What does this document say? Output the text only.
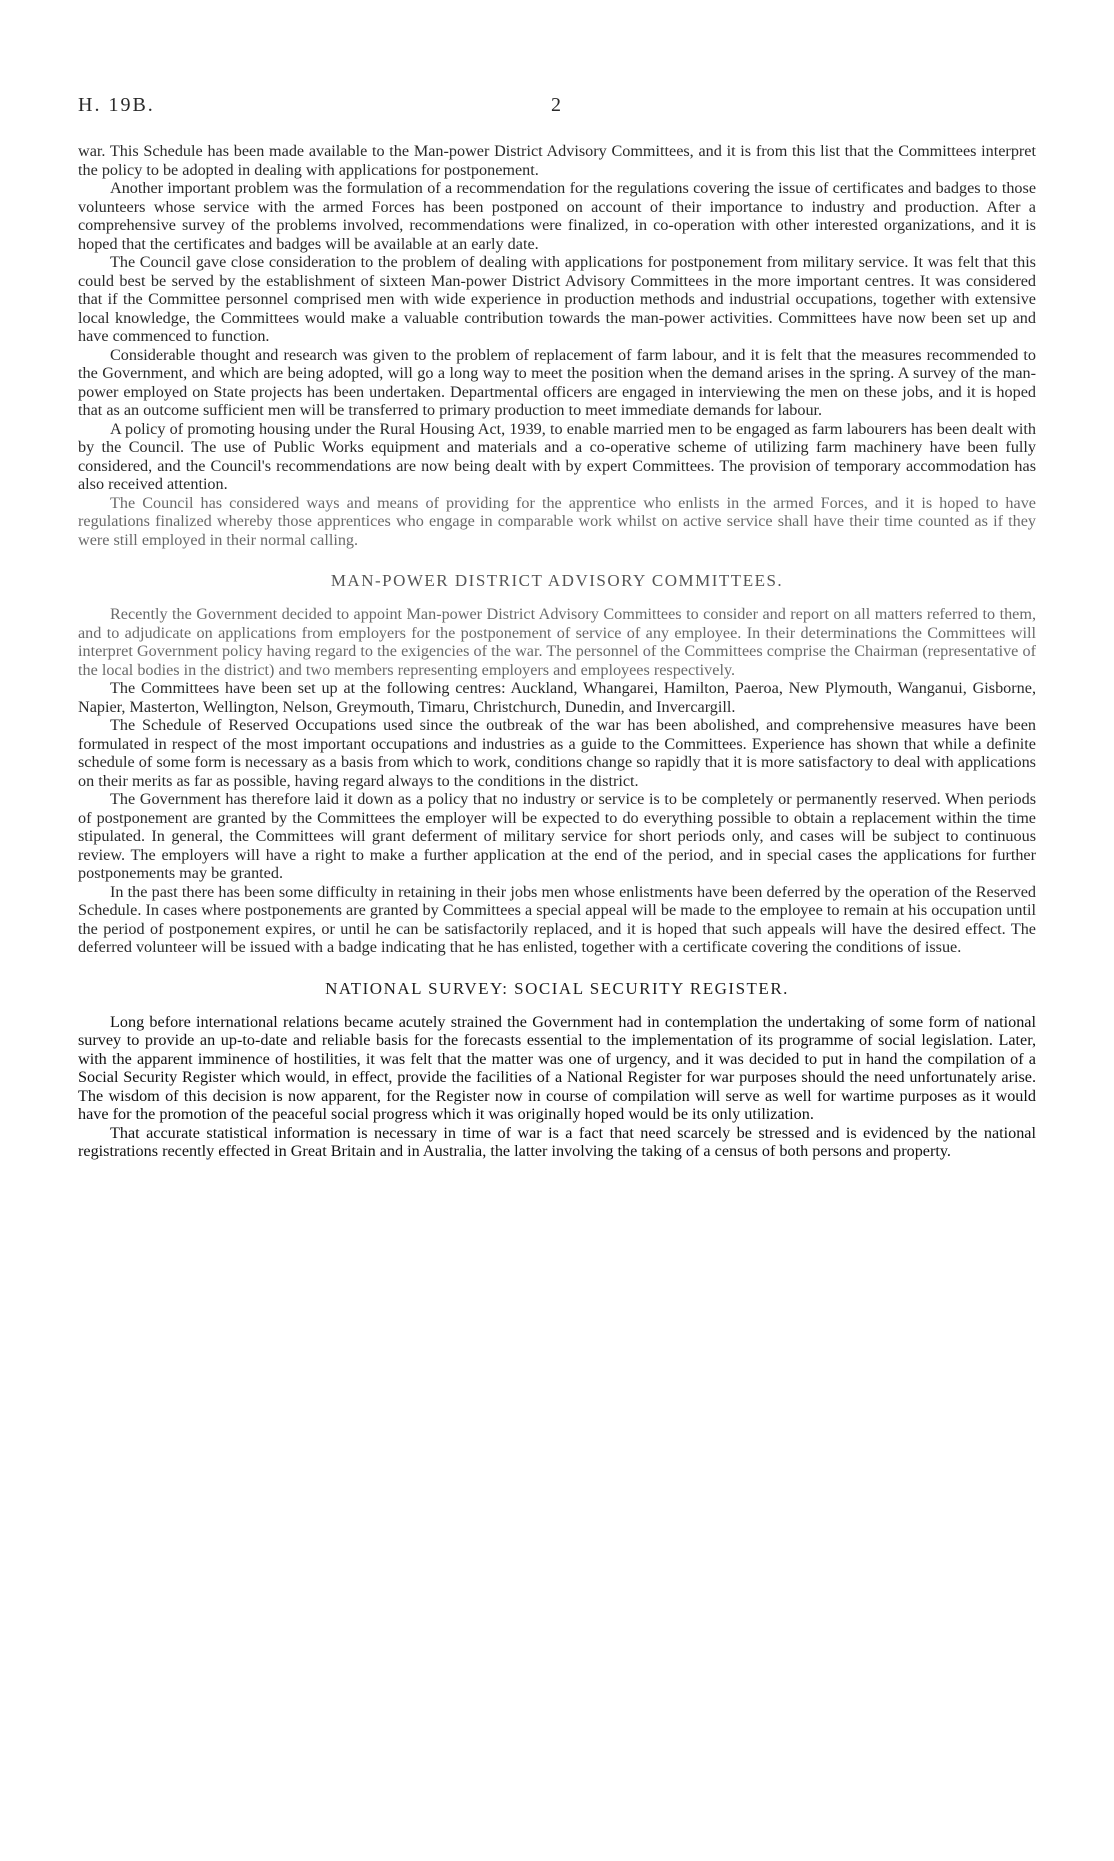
H. 19B.	2

war. This Schedule has been made available to the Man-power District Advisory Committees, and it is from this list that the Committees interpret the policy to be adopted in dealing with applications for postponement.

Another important problem was the formulation of a recommendation for the regulations covering the issue of certificates and badges to those volunteers whose service with the armed Forces has been postponed on account of their importance to industry and production. After a comprehensive survey of the problems involved, recommendations were finalized, in co-operation with other interested organizations, and it is hoped that the certificates and badges will be available at an early date.

The Council gave close consideration to the problem of dealing with applications for postponement from military service. It was felt that this could best be served by the establishment of sixteen Man-power District Advisory Committees in the more important centres. It was considered that if the Committee personnel comprised men with wide experience in production methods and industrial occupations, together with extensive local knowledge, the Committees would make a valuable contribution towards the man-power activities. Committees have now been set up and have commenced to function.

Considerable thought and research was given to the problem of replacement of farm labour, and it is felt that the measures recommended to the Government, and which are being adopted, will go a long way to meet the position when the demand arises in the spring. A survey of the man-power employed on State projects has been undertaken. Departmental officers are engaged in interviewing the men on these jobs, and it is hoped that as an outcome sufficient men will be transferred to primary production to meet immediate demands for labour.

A policy of promoting housing under the Rural Housing Act, 1939, to enable married men to be engaged as farm labourers has been dealt with by the Council. The use of Public Works equipment and materials and a co-operative scheme of utilizing farm machinery have been fully considered, and the Council's recommendations are now being dealt with by expert Committees. The provision of temporary accommodation has also received attention.

The Council has considered ways and means of providing for the apprentice who enlists in the armed Forces, and it is hoped to have regulations finalized whereby those apprentices who engage in comparable work whilst on active service shall have their time counted as if they were still employed in their normal calling.

MAN-POWER DISTRICT ADVISORY COMMITTEES.

Recently the Government decided to appoint Man-power District Advisory Committees to consider and report on all matters referred to them, and to adjudicate on applications from employers for the postponement of service of any employee. In their determinations the Committees will interpret Government policy having regard to the exigencies of the war. The personnel of the Committees comprise the Chairman (representative of the local bodies in the district) and two members representing employers and employees respectively.

The Committees have been set up at the following centres: Auckland, Whangarei, Hamilton, Paeroa, New Plymouth, Wanganui, Gisborne, Napier, Masterton, Wellington, Nelson, Greymouth, Timaru, Christchurch, Dunedin, and Invercargill.

The Schedule of Reserved Occupations used since the outbreak of the war has been abolished, and comprehensive measures have been formulated in respect of the most important occupations and industries as a guide to the Committees. Experience has shown that while a definite schedule of some form is necessary as a basis from which to work, conditions change so rapidly that it is more satisfactory to deal with applications on their merits as far as possible, having regard always to the conditions in the district.

The Government has therefore laid it down as a policy that no industry or service is to be completely or permanently reserved. When periods of postponement are granted by the Committees the employer will be expected to do everything possible to obtain a replacement within the time stipulated. In general, the Committees will grant deferment of military service for short periods only, and cases will be subject to continuous review. The employers will have a right to make a further application at the end of the period, and in special cases the applications for further postponements may be granted.

In the past there has been some difficulty in retaining in their jobs men whose enlistments have been deferred by the operation of the Reserved Schedule. In cases where postponements are granted by Committees a special appeal will be made to the employee to remain at his occupation until the period of postponement expires, or until he can be satisfactorily replaced, and it is hoped that such appeals will have the desired effect. The deferred volunteer will be issued with a badge indicating that he has enlisted, together with a certificate covering the conditions of issue.

NATIONAL SURVEY: SOCIAL SECURITY REGISTER.

Long before international relations became acutely strained the Government had in contemplation the undertaking of some form of national survey to provide an up-to-date and reliable basis for the forecasts essential to the implementation of its programme of social legislation. Later, with the apparent imminence of hostilities, it was felt that the matter was one of urgency, and it was decided to put in hand the compilation of a Social Security Register which would, in effect, provide the facilities of a National Register for war purposes should the need unfortunately arise. The wisdom of this decision is now apparent, for the Register now in course of compilation will serve as well for wartime purposes as it would have for the promotion of the peaceful social progress which it was originally hoped would be its only utilization.

That accurate statistical information is necessary in time of war is a fact that need scarcely be stressed and is evidenced by the national registrations recently effected in Great Britain and in Australia, the latter involving the taking of a census of both persons and property.
